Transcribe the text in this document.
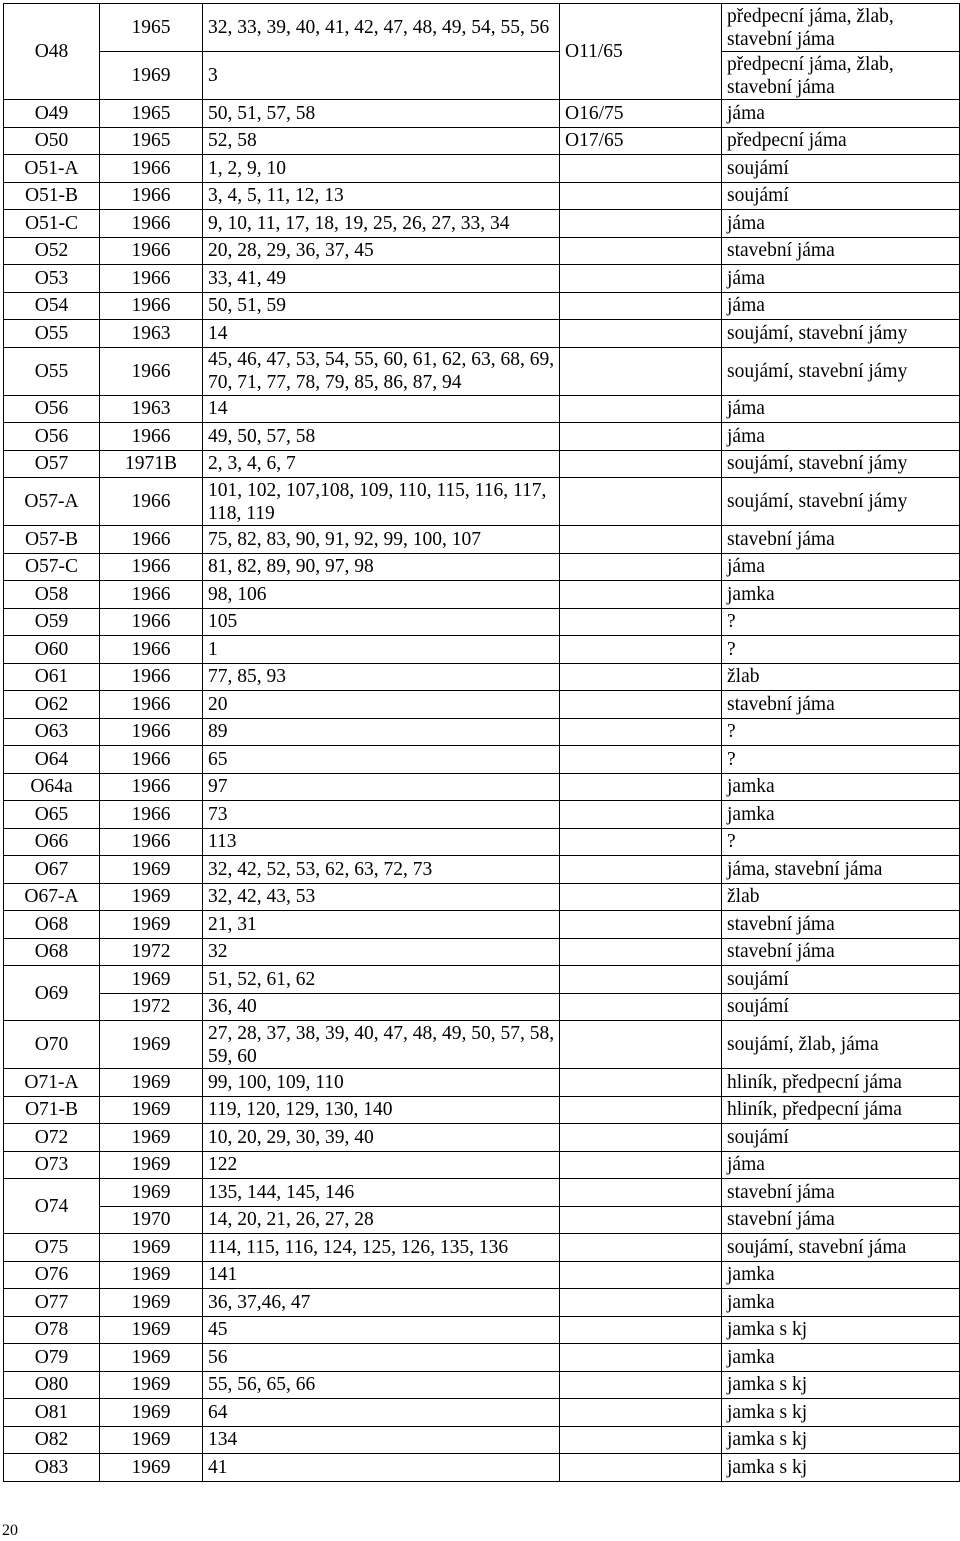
O48	1965	32, 33, 39, 40, 41, 42, 47, 48, 49, 54, 55, 56	O11/65	předpecní jáma, žlab, stavební jáma
	1969	3		předpecní jáma, žlab, stavební jáma
O49	1965	50, 51, 57, 58	O16/75	jáma
O50	1965	52, 58	O17/65	předpecní jáma
O51-A	1966	1, 2, 9, 10		soujámí
O51-B	1966	3, 4, 5, 11, 12, 13		soujámí
O51-C	1966	9, 10, 11, 17, 18, 19, 25, 26, 27, 33, 34		jáma
O52	1966	20, 28, 29, 36, 37, 45		stavební jáma
O53	1966	33, 41, 49		jáma
O54	1966	50, 51, 59		jáma
O55	1963	14		soujámí, stavební jámy
O55	1966	45, 46, 47, 53, 54, 55, 60, 61, 62, 63, 68, 69, 70, 71, 77, 78, 79, 85, 86, 87, 94		soujámí, stavební jámy
O56	1963	14		jáma
O56	1966	49, 50, 57, 58		jáma
O57	1971B	2, 3, 4, 6, 7		soujámí, stavební jámy
O57-A	1966	101, 102, 107,108, 109, 110, 115, 116, 117, 118, 119		soujámí, stavební jámy
O57-B	1966	75, 82, 83, 90, 91, 92, 99, 100, 107		stavební jáma
O57-C	1966	81, 82, 89, 90, 97, 98		jáma
O58	1966	98, 106		jamka
O59	1966	105		?
O60	1966	1		?
O61	1966	77, 85, 93		žlab
O62	1966	20		stavební jáma
O63	1966	89		?
O64	1966	65		?
O64a	1966	97		jamka
O65	1966	73		jamka
O66	1966	113		?
O67	1969	32, 42, 52, 53, 62, 63, 72, 73		jáma, stavební jáma
O67-A	1969	32, 42, 43, 53		žlab
O68	1969	21, 31		stavební jáma
O68	1972	32		stavební jáma
O69	1969	51, 52, 61, 62		soujámí
	1972	36, 40		soujámí
O70	1969	27, 28, 37, 38, 39, 40, 47, 48, 49, 50, 57, 58, 59, 60		soujámí, žlab, jáma
O71-A	1969	99, 100, 109, 110		hliník, předpecní jáma
O71-B	1969	119, 120, 129, 130, 140		hliník, předpecní jáma
O72	1969	10, 20, 29, 30, 39, 40		soujámí
O73	1969	122		jáma
O74	1969	135, 144, 145, 146		stavební jáma
	1970	14, 20, 21, 26, 27, 28		stavební jáma
O75	1969	114, 115, 116, 124, 125, 126, 135, 136		soujámí, stavební jáma
O76	1969	141		jamka
O77	1969	36, 37,46, 47		jamka
O78	1969	45		jamka s kj
O79	1969	56		jamka
O80	1969	55, 56, 65, 66		jamka s kj
O81	1969	64		jamka s kj
O82	1969	134		jamka s kj
O83	1969	41		jamka s kj
20
